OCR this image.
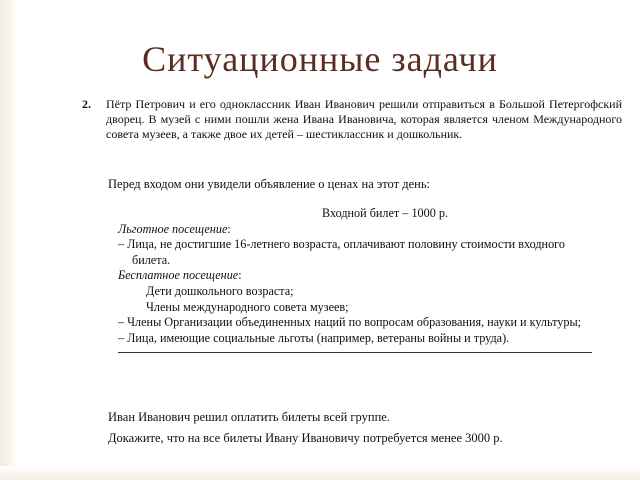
Ситуационные задачи
2.	Пётр Петрович и его одноклассник Иван Иванович решили отправиться в Большой Петергофский дворец. В музей с ними пошли жена Ивана Ивановича, которая является членом Международного совета музеев, а также двое их детей – шестиклассник и дошкольник.
Перед входом они увидели объявление о ценах на этот день:
Входной билет – 1000 р.
Льготное посещение:
– Лица, не достигшие 16-летнего возраста, оплачивают половину стоимости входного билета.
Бесплатное посещение:
Дети дошкольного возраста;
Члены международного совета музеев;
– Члены Организации объединенных наций по вопросам образования, науки и культуры;
– Лица, имеющие социальные льготы (например, ветераны войны и труда).
Иван Иванович решил оплатить билеты всей группе.
Докажите, что на все билеты Ивану Ивановичу потребуется менее 3000 р.
